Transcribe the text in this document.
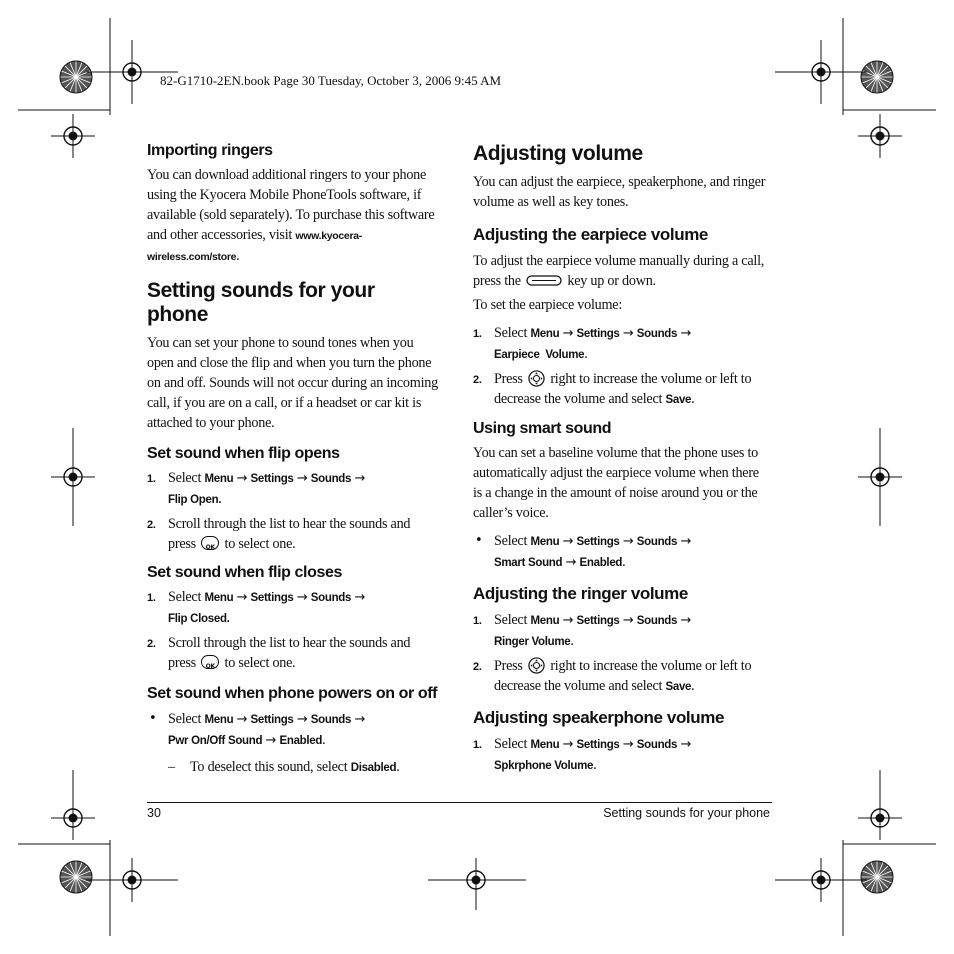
82-G1710-2EN.book Page 30 Tuesday, October 3, 2006 9:45 AM
Importing ringers

You can download additional ringers to your phone using the Kyocera Mobile PhoneTools software, if available (sold separately). To purchase this software and other accessories, visit www.kyocera-wireless.com/store.

Setting sounds for your phone

You can set your phone to sound tones when you open and close the flip and when you turn the phone on and off. Sounds will not occur during an incoming call, if you are on a call, or if a headset or car kit is attached to your phone.

Set sound when flip opens
1. Select Menu → Settings → Sounds →
Flip Open.
2. Scroll through the list to hear the sounds and press OK to select one.
Set sound when flip closes
1. Select Menu → Settings → Sounds →
Flip Closed.
2. Scroll through the list to hear the sounds and press OK to select one.
Set sound when phone powers on or off
• Select Menu → Settings → Sounds →
Pwr On/Off Sound → Enabled.
– To deselect this sound, select Disabled.
Adjusting volume

You can adjust the earpiece, speakerphone, and ringer volume as well as key tones.

Adjusting the earpiece volume

To adjust the earpiece volume manually during a call, press the	key up or down.

To set the earpiece volume:

1. Select Menu → Settings → Sounds →
Earpiece  Volume.
2. Press right to increase the volume or left to decrease the volume and select Save.
Using smart sound

You can set a baseline volume that the phone uses to automatically adjust the earpiece volume when there is a change in the amount of noise around you or the caller’s voice.

• Select Menu → Settings → Sounds →
Smart Sound → Enabled.
Adjusting the ringer volume
1. Select Menu → Settings → Sounds →
Ringer Volume.
2. Press right to increase the volume or left to decrease the volume and select Save.
Adjusting speakerphone volume
1. Select Menu → Settings → Sounds →
Spkrphone Volume.
30	Setting sounds for your phone
